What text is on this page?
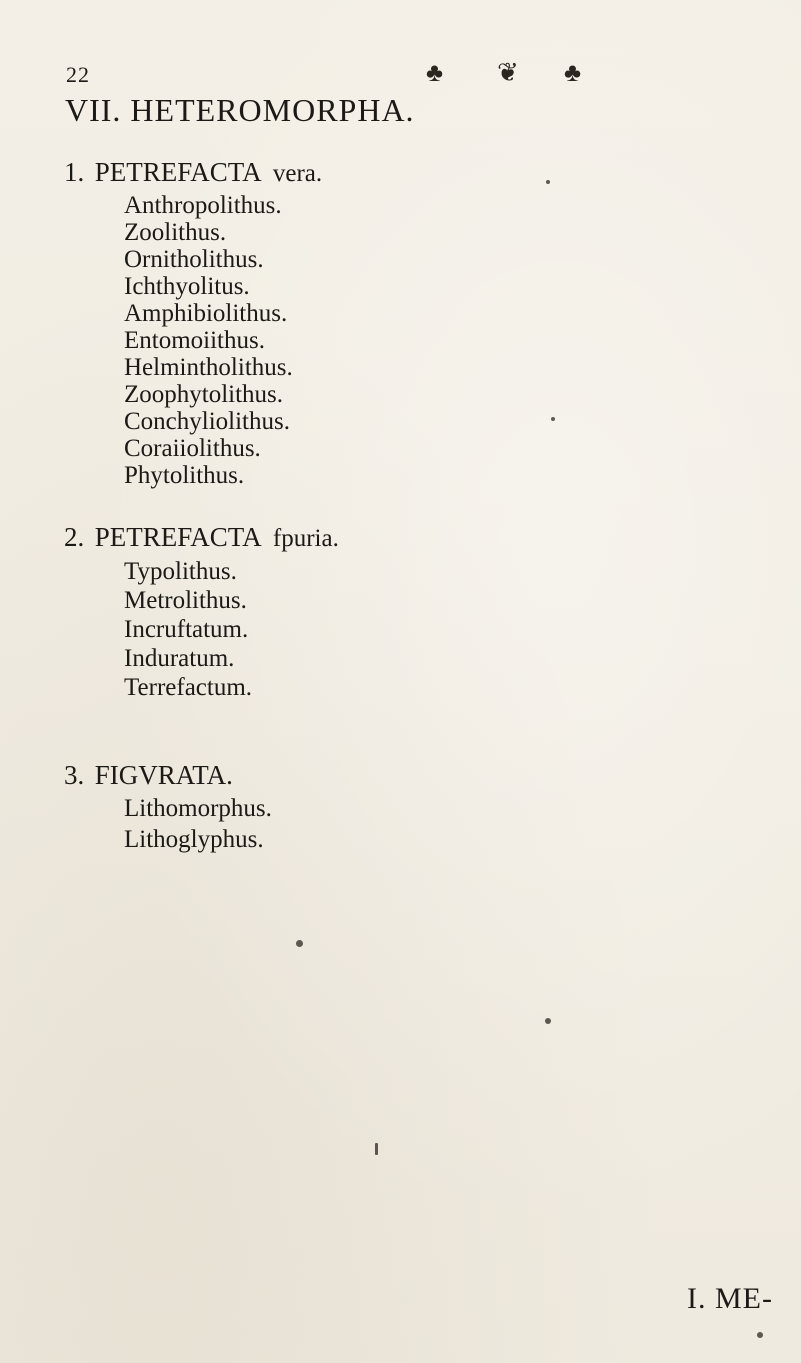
22	♣ ❦ ♣
VII. HETEROMORPHA.
1. PETREFACTA vera.
Anthropolithus.
Zoolithus.
Ornitholithus.
Ichthyolitus.
Amphibiolithus.
Entomoiithus.
Helmintholithus.
Zoophytolithus.
Conchyliolithus.
Coraiiolithus.
Phytolithus.
2. PETREFACTA fpuria.
Typolithus.
Metrolithus.
Incruftatum.
Induratum.
Terrefactum.
3. FIGVRATA.
Lithomorphus.
Lithoglyphus.
I. ME-
